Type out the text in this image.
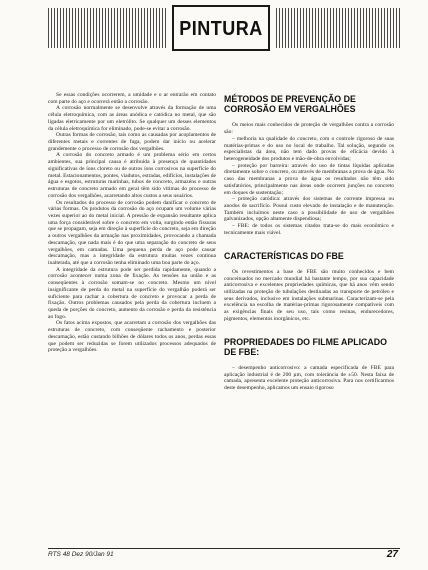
PINTURA

Se essas condições ocorrerem, a umidade e o ar entrarão em contato com parte do aço e ocorrerá então a corrosão.

A corrosão normalmente se desenvolve através da formação de uma célula eletroquímica, com as áreas anódica e catódica no metal, que são ligadas eletricamente por um eletrólito. Se qualquer um desses elementos da célula eletroquímica for eliminado, pode-se evitar a corrosão.

Outras formas de corrosão, tais como as causadas por acoplamentos de diferentes metais e correntes de fuga, podem dar início ou acelerar grandemente o processo de corrosão dos vergalhões.

A corrosão do concreto armado é um problema sério em certos ambientes, sua principal causa é atribuída à presença de quantidades significativas de íons cloreto ou de outros íons corrosivos na superfície do metal. Estacionamentos, pontes, viadutos, estradas, edifícios, instalações de água e esgotos, estruturas marinhas, tubos de concreto, armazéns e outras estruturas de concreto armado em geral têm sido vítimas do processo de corrosão dos vergalhões, acarretando altos custos a seus usuários.

Os resultados do processo de corrosão podem danificar o concreto de várias formas. Os produtos da corrosão do aço ocupam um volume várias vezes superior ao do metal inicial. A pressão de expansão resultante aplica uma força considerável sobre o concreto em volta, surgindo então fissuras que se propagam, seja em direção à superfície do concreto, seja em direção a outros vergalhões da armação nas proximidades, provocando a chamada descamação, que nada mais é do que uma separação do concreto de seus vergalhões, em camadas. Uma pequena perda de aço pode causar descamação, mas a integridade da estrutura muitas vezes continua inalterada, até que a corrosão tenha eliminado uma boa parte do aço.

A integridade da estrutura pode ser perdida rapidamente, quando a corrosão acontecer numa zona de fixação. As tensões na união e as conseqüentes à corrosão somam-se no concreto. Mesmo um nível insignificante de perda do metal na superfície do vergalhão poderá ser suficiente para rachar a cobertura de concreto e provocar a perda de fixação. Outros problemas causados pela perda da cobertura incluem a queda de porções do concreto, aumento da corrosão e perda da resistência ao fogo.

Os fatos acima expostos, que acarretam a corrosão dos vergalhões das estruturas de concreto, com conseqüente rachamento e posterior descamação, estão custando bilhões de dólares todos os anos, perdas essas que podem ser reduzidas se forem utilizados processos adequados de proteção a vergalhões.

MÉTODOS DE PREVENÇÃO DE CORROSÃO EM VERGALHÕES

Os meios mais conhecidos de proteção de vergalhões contra a corrosão são:

– melhoria na qualidade do concreto, com o controle rigoroso de suas matérias-primas e do uso no local de trabalho. Tal solução, segundo os especialistas da área, não tem dado provas de eficácia devido à heterogeneidade dos produtos e mão-de-obra envolvidas;

– proteção por barreira: através do uso de tintas líquidas aplicadas diretamente sobre o concreto, ou através de membranas a prova de água. No caso das membranas a prova de água os resultados não têm sido satisfatórios, principalmente nas áreas onde ocorrem junções no concreto em doques de sustentação;

– proteção catódica: através dos sistemas de corrente impressa ou anodos de sacrifício. Possui custo elevado de instalação e de manutenção. Também incluímos neste caso a possibilidade de uso de vergalhões galvanizados, opção altamente dispendiosa;

– FBE: de todos os sistemas citados trata-se do mais econômico e tecnicamente mais viável.

CARACTERÍSTICAS DO FBE

Os revestimentos a base de FBE são muito conhecidos e bem conceituados no mercado mundial há bastante tempo, por sua capacidade anticorrosiva e excelentes propriedades químicas, que há anos vêm sendo utilizadas na proteção de tubulações destinadas ao transporte de petróleo e seus derivados, inclusive em instalações submarinas. Caracterizam-se pela excelência na escolha de matérias-primas rigorosamente compatíveis com as exigências finais de seu uso, tais como resinas, endurecedores, pigmentos, elementos inorgânicos, etc.

PROPRIEDADES DO FILME APLICADO DE FBE:

– desempenho anticorrosivo: a camada especificada de FBE para aplicação industrial é de 200 µm, com tolerância de ±50. Nesta faixa de camada, apresenta excelente proteção anticorrosiva. Para nos certificarmos deste desempenho, aplicamos um ensaio rigoroso

RTS 48 Dez 90/Jan 91	27
